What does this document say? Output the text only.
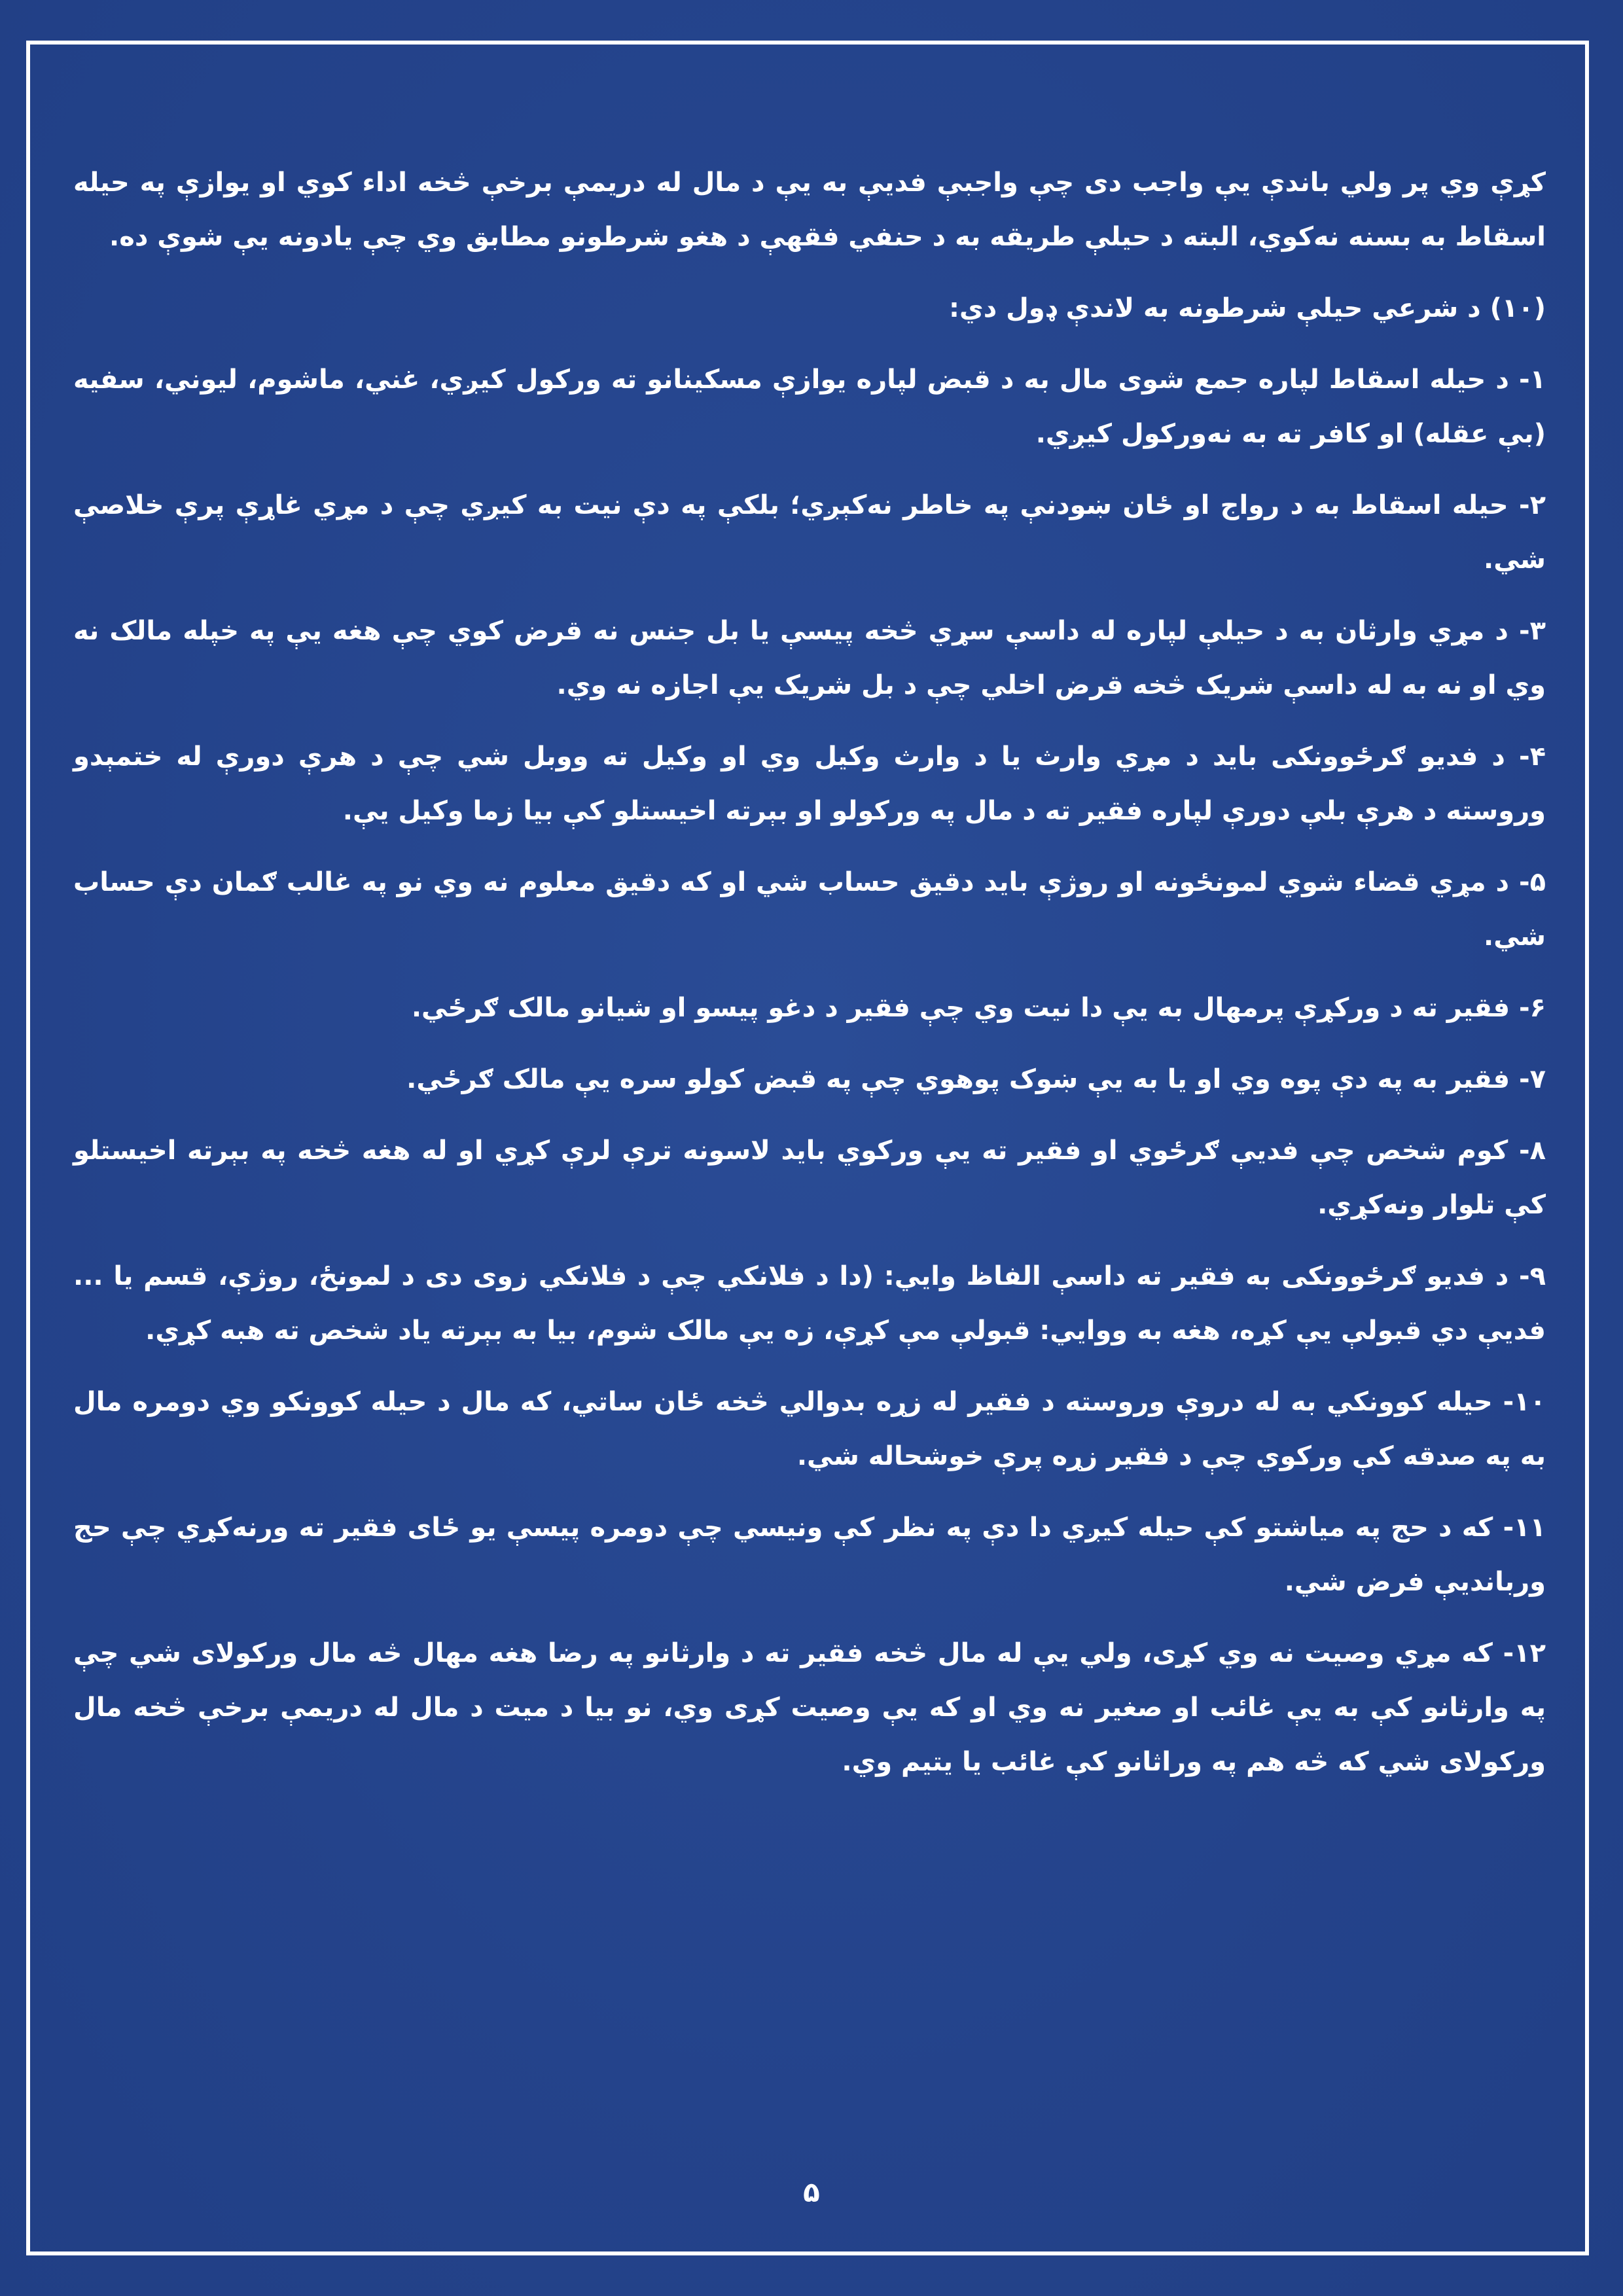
کړې وي پر ولي باندې يې واجب دی چې واجبې فديې به يې د مال له دريمې برخې څخه اداء کوي او يوازې په حيله اسقاط به بسنه نه‌کوي، البته د حيلې طريقه به د حنفي فقهې د هغو شرطونو مطابق وي چې يادونه يې شوې ده.

(۱۰) د شرعي حيلې شرطونه به لاندې ډول دي:

۱- د حيله اسقاط لپاره جمع شوی مال به د قبض لپاره يوازې مسکينانو ته ورکول کيږي، غني، ماشوم، ليوني، سفيه (بې عقله) او کافر ته به نه‌ورکول کيږي.

۲- حيله اسقاط به د رواج او ځان ښودنې په خاطر نه‌کېږي؛ بلکې په دې نيت به کيږي چې د مړي غاړې پرې خلاصې شي.

۳- د مړي وارثان به د حيلې لپاره له داسې سړي څخه پيسې يا بل جنس نه قرض کوي چې هغه يې په خپله مالک نه وي او نه به له داسې شريک څخه قرض اخلي چې د بل شريک يې اجازه نه وي.

۴- د فديو ګرځوونکی بايد د مړي وارث يا د وارث وکيل وي او وکيل ته ووبل شي چې د هرې دورې له ختمېدو وروسته د هرې بلې دورې لپاره فقير ته د مال په ورکولو او بېرته اخيستلو کې بيا زما وکيل يې.

۵- د مړي قضاء شوي لمونځونه او روژې بايد دقيق حساب شي او که دقيق معلوم نه وي نو په غالب ګمان دې حساب شي.

۶- فقير ته د ورکړې پرمهال به يې دا نيت وي چې فقير د دغو پيسو او شيانو مالک ګرځي.

۷- فقير به په دې پوه وي او يا به يې ښوک پوهوي چې په قبض کولو سره يې مالک ګرځي.

۸- کوم شخص چې فديې ګرځوي او فقير ته يې ورکوي بايد لاسونه ترې لرې کړي او له هغه څخه په بېرته اخيستلو کې تلوار ونه‌کړي.

۹- د فديو ګرځوونکی به فقير ته داسې الفاظ وايي: (دا د فلانکي چې د فلانکي زوی دی د لمونځ، روژې، قسم يا ... فديې دي قبولې يې کړه، هغه به ووايي: قبولې مې کړې، زه يې مالک شوم، بيا به بېرته ياد شخص ته هبه کړي.

۱۰- حيله کوونکي به له دروې وروسته د فقير له زړه بدوالي څخه ځان ساتي، که مال د حيله کوونکو وي دومره مال به په صدقه کې ورکوي چې د فقير زړه پرې خوشحاله شي.

۱۱- که د حج په مياشتو کې حيله کيږي دا دې په نظر کې ونيسي چې دومره پيسې يو ځای فقير ته ورنه‌کړي چې حج وربانديې فرض شي.

۱۲- که مړي وصيت نه وي کړی، ولي يې له مال څخه فقير ته د وارثانو په رضا هغه مهال څه مال ورکولای شي چې په وارثانو کې به يې غائب او صغير نه وي او که يې وصيت کړی وي، نو بيا د ميت د مال له دريمې برخې څخه مال ورکولای شي که څه هم په وراثانو کې غائب يا يتيم وي.

۵
